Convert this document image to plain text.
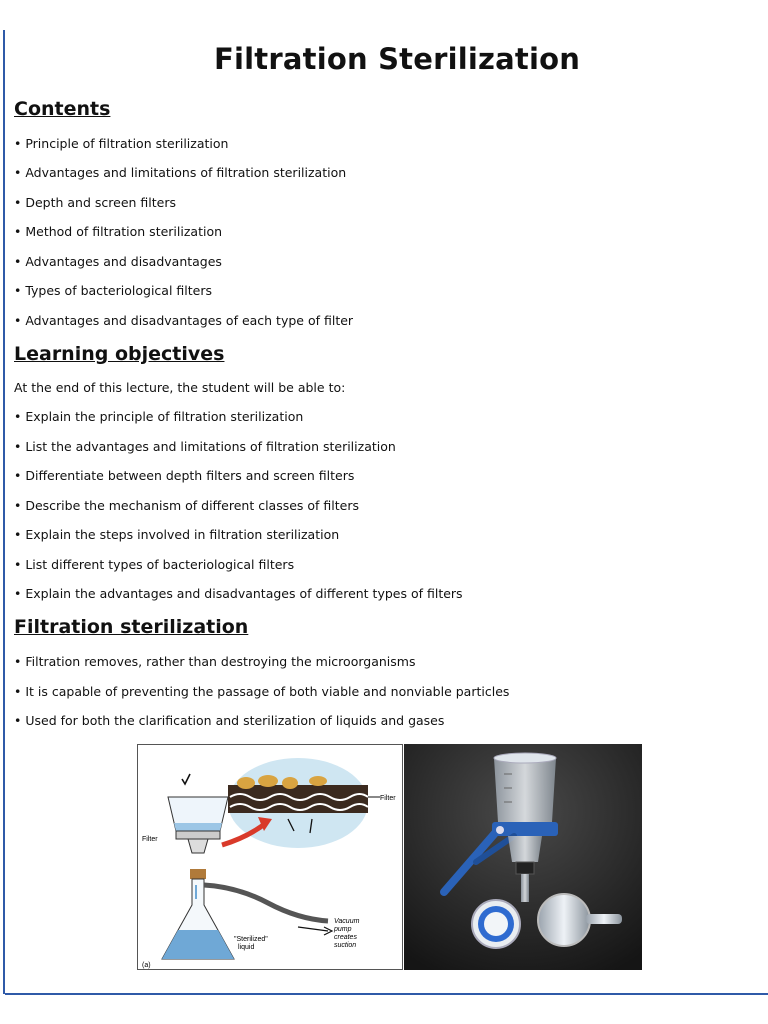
Filtration Sterilization
Contents

• Principle of filtration sterilization

• Advantages and limitations of filtration sterilization

• Depth and screen filters

• Method of filtration sterilization

• Advantages and disadvantages

• Types of bacteriological filters

• Advantages and disadvantages of each type of filter

Learning objectives

At the end of this lecture, the student will be able to:

• Explain the principle of filtration sterilization

• List the advantages and limitations of filtration sterilization

• Differentiate between depth filters and screen filters

• Describe the mechanism of different classes of filters

• Explain the steps involved in filtration sterilization

• List different types of bacteriological filters

• Explain the advantages and disadvantages of different types of filters

Filtration sterilization

• Filtration removes, rather than destroying the microorganisms

• It is capable of preventing the passage of both viable and nonviable particles

• Used for both the clarification and sterilization of liquids and gases

Filter
Filter
Vacuum
pump
creates
suction
"Sterilized"
liquid
(a)
